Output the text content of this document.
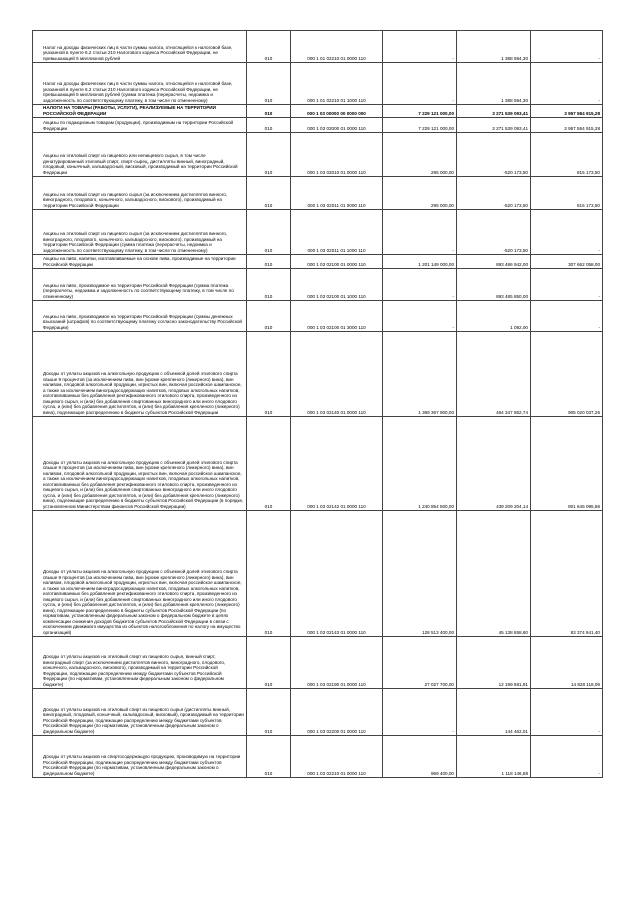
Налог на доходы физических лиц в части суммы налога, относящейся к налоговой базе, указанной в пункте 6.2 статьи 210 Налогового кодекса Российской Федерации, не превышающей 5 миллионов рублей	010	000 1 01 02210 01 0000 110	-	1 388 594,30	-
Налог на доходы физических лиц в части суммы налога, относящейся к налоговой базе, указанной в пункте 6.2 статьи 210 Налогового кодекса Российской Федерации, не превышающей 5 миллионов рублей (сумма платежа (перерасчеты, недоимка и задолженность по соответствующему платежу, в том числе по отмененному)	010	000 1 01 02210 01 1000 110	-	1 388 594,30	-
НАЛОГИ НА ТОВАРЫ (РАБОТЫ, УСЛУГИ), РЕАЛИЗУЕМЫЕ НА ТЕРРИТОРИИ РОССИЙСКОЙ ФЕДЕРАЦИИ	010	000 1 03 00000 00 0000 000	7 229 121 000,00	3 271 539 093,41	3 957 584 915,28
Акцизы по подакцизным товарам (продукции), производимым на территории Российской Федерации	010	000 1 03 02000 01 0000 110	7 229 121 000,00	3 271 539 093,41	3 957 584 915,28
Акцизы на этиловый спирт из пищевого или непищевого сырья, в том числе денатурированный этиловый спирт, спирт-сырец, дистилляты винный, виноградный, плодовый, коньячный, кальвадосный, висковый, производимый на территории Российской Федерации	010	000 1 03 02010 01 0000 110	295 000,00	-520 173,50	815 173,50
Акцизы на этиловый спирт из пищевого сырья (за исключением дистиллятов винного, виноградного, плодового, коньячного, кальвадосного, вискового), производимый на территории Российской Федерации	010	000 1 03 02011 01 0000 110	295 000,00	-520 173,50	815 173,50
Акцизы на этиловый спирт из пищевого сырья (за исключением дистиллятов винного, виноградного, плодового, коньячного, кальвадосного, вискового), производимый на территории Российской Федерации (сумма платежа (перерасчеты, недоимка и задолженность по соответствующему платежу, в том числе по отмененному)	010	000 1 03 02011 01 1000 110	-	-520 173,50	-
Акцизы на пиво, напитки, изготавливаемые на основе пива, производимые на территории Российской Федерации	010	000 1 03 02100 01 0000 110	1 201 149 000,00	893 486 942,00	307 662 058,00
Акцизы на пиво, производимое на территории Российской Федерации (сумма платежа (перерасчеты, недоимка и задолженность по соответствующему платежу, в том числе по отмененному)	010	000 1 03 02100 01 1000 110	-	893 485 850,00	-
Акцизы на пиво, производимое на территории Российской Федерации (суммы денежных взысканий (штрафов) по соответствующему платежу согласно законодательству Российской Федерации)	010	000 1 03 02100 01 3000 110	-	1 092,00	-
Доходы от уплаты акцизов на алкогольную продукцию с объемной долей этилового спирта свыше 9 процентов (за исключением пива, вин (кроме крепленого (ликерного) вина), вин наливом, плодовой алкогольной продукции, игристых вин, включая российское шампанское, а также за исключением виноградосодержащих напитков, плодовых алкогольных напитков, изготавливаемых без добавления ректификованного этилового спирта, произведенного из пищевого сырья, и (или) без добавления спиртованных виноградного или иного плодового сусла, и (или) без добавления дистиллятов, и (или) без добавления крепленого (ликерного) вина), подлежащие распределению в бюджеты субъектов Российской Федерации	010	000 1 03 02140 01 0000 110	1 369 367 900,00	464 347 862,74	905 020 037,26
Доходы от уплаты акцизов на алкогольную продукцию с объемной долей этилового спирта свыше 9 процентов (за исключением пива, вин (кроме крепленого (ликерного) вина), вин наливом, плодовой алкогольной продукции, игристых вин, включая российское шампанское, а также за исключением виноградосодержащих напитков, плодовых алкогольных напитков, изготавливаемых без добавления ректификованного этилового спирта, произведенного из пищевого сырья, и (или) без добавления спиртованных виноградного или иного плодового сусла, и (или) без добавления дистиллятов, и (или) без добавления крепленого (ликерного) вина), подлежащие распределению в бюджеты субъектов Российской Федерации (в порядке, установленном Министерством финансов Российской Федерации)	010	000 1 03 02142 01 0000 110	1 240 854 500,00	439 209 204,14	801 645 095,86
Доходы от уплаты акцизов на алкогольную продукцию с объемной долей этилового спирта свыше 9 процентов (за исключением пива, вин (кроме крепленого (ликерного) вина), вин наливом, плодовой алкогольной продукции, игристых вин, включая российское шампанское, а также за исключением виноградосодержащих напитков, плодовых алкогольных напитков, изготавливаемых без добавления ректификованного этилового спирта, произведенного из пищевого сырья, и (или) без добавления спиртованных виноградного или иного плодового сусла, и (или) без добавления дистиллятов, и (или) без добавления крепленого (ликерного) вина), подлежащие распределению в бюджеты субъектов Российской Федерации (по нормативам, установленным федеральным законом о федеральном бюджете в целях компенсации снижения доходов бюджетов субъектов Российской Федерации в связи с исключением движимого имущества из объектов налогообложения по налогу на имущество организаций)	010	000 1 03 02143 01 0000 110	128 513 400,00	45 138 658,60	83 374 941,40
Доходы от уплаты акцизов на этиловый спирт из пищевого сырья, винный спирт, виноградный спирт (за исключением дистиллятов винного, виноградного, плодового, коньячного, кальвадосного, вискового), производимый на территории Российской Федерации, подлежащие распределению между бюджетами субъектов Российской Федерации (по нормативам, установленным федеральным законом о федеральном бюджете)	010	000 1 03 02190 01 0000 110	27 027 700,00	12 199 581,91	14 828 118,09
Доходы от уплаты акцизов на этиловый спирт из пищевого сырья (дистилляты винный, виноградный, плодовый, коньячный, кальвадосный, висковый), производимый на территории Российской Федерации, подлежащие распределению между бюджетами субъектов Российской Федерации (по нормативам, установленным федеральным законом о федеральном бюджете)	010	000 1 03 02200 01 0000 110	-	144 462,01	-
Доходы от уплаты акцизов на спиртосодержащую продукцию, производимую на территории Российской Федерации, подлежащие распределению между бюджетами субъектов Российской Федерации (по нормативам, установленным федеральным законом о федеральном бюджете)	010	000 1 03 02210 01 0000 110	969 400,00	1 118 146,88	-
